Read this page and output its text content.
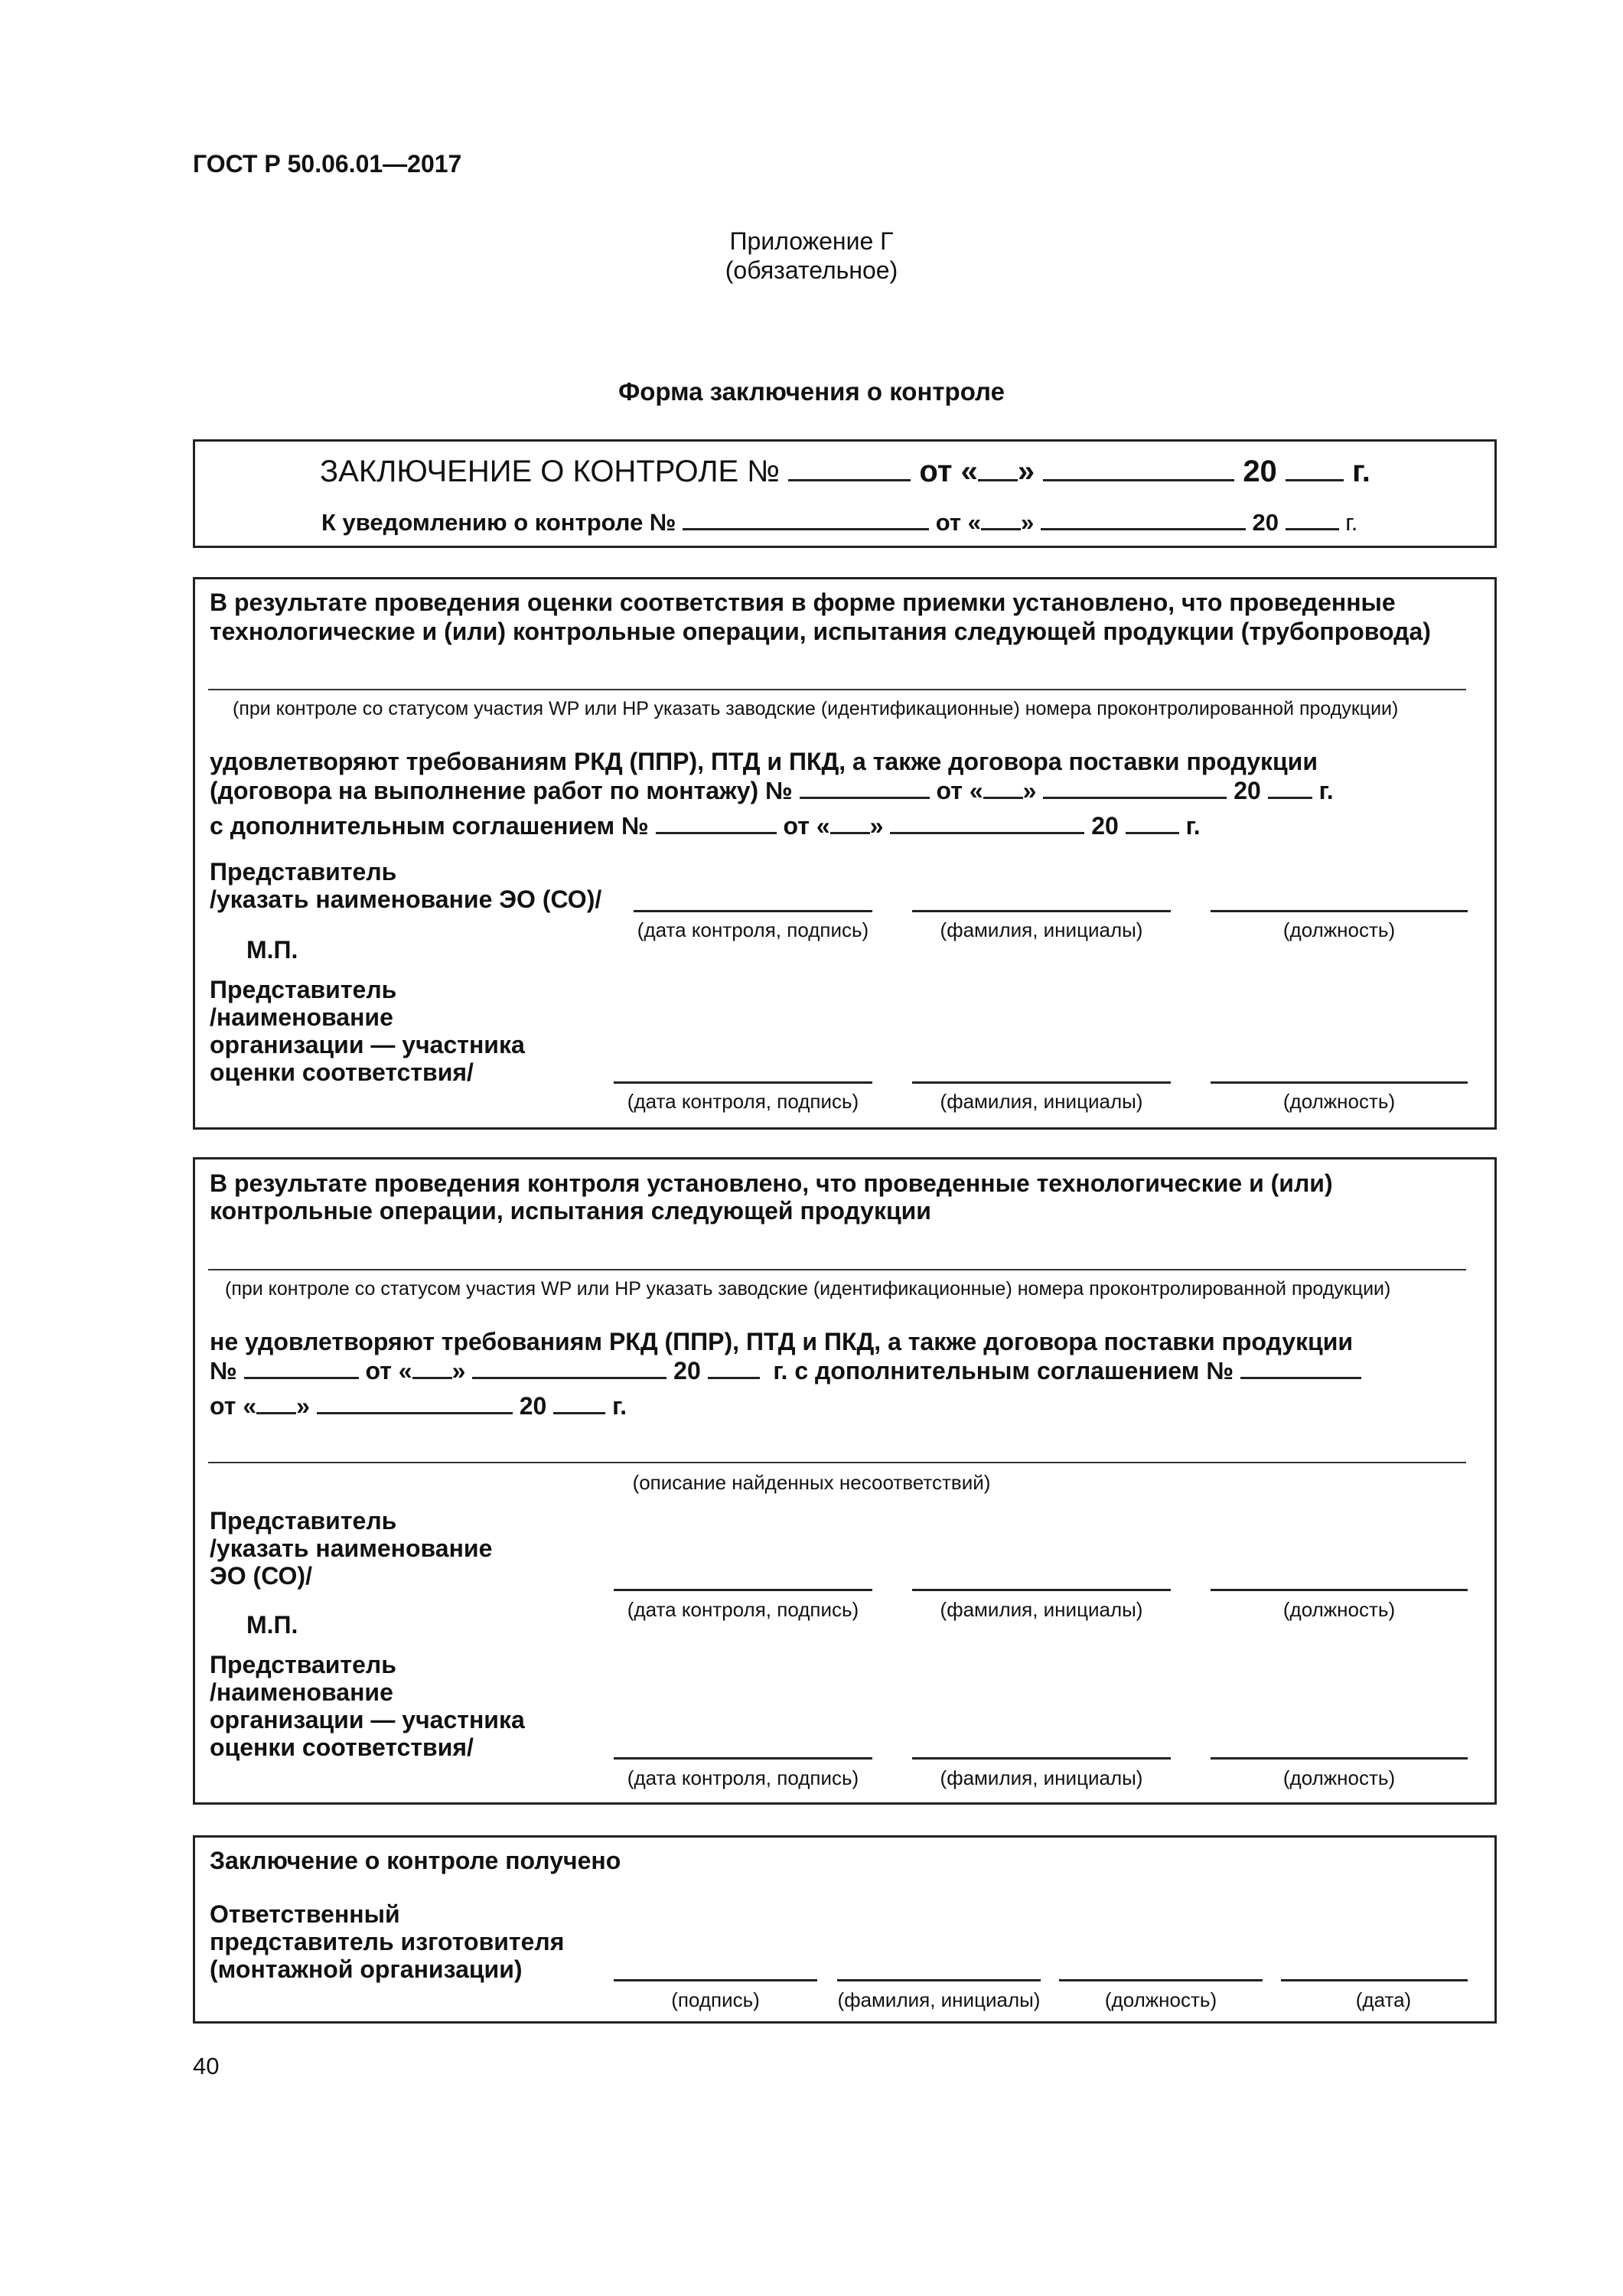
ГОСТ Р 50.06.01—2017
Приложение Г
(обязательное)
Форма заключения о контроле
ЗАКЛЮЧЕНИЕ О КОНТРОЛЕ №	от « »	20 г.
К уведомлению о контроле №	от « »	20	г.
В результате проведения оценки соответствия в форме приемки установлено, что проведенные
технологические и (или) контрольные операции, испытания следующей продукции (трубопровода)
(при контроле со статусом участия WP или HP указать заводские (идентификационные) номера проконтролированной продукции)
удовлетворяют требованиям РКД (ППР), ПТД и ПКД, а также договора поставки продукции
(договора на выполнение работ по монтажу) №	от « »	20 г.
с дополнительным соглашением №	от « »	20	г.
Представитель
/указать наименование ЭО (СО)/
(дата контроля, подпись)	(фамилия, инициалы)	(должность)
М.П.
Представитель
/наименование
организации — участника
оценки соответствия/
(дата контроля, подпись)	(фамилия, инициалы)	(должность)
В результате проведения контроля установлено, что проведенные технологические и (или)
контрольные операции, испытания следующей продукции
(при контроле со статусом участия WP или HP указать заводские (идентификационные) номера проконтролированной продукции)
не удовлетворяют требованиям РКД (ППР), ПТД и ПКД, а также договора поставки продукции
№	от « »	20	г. с дополнительным соглашением №
от « »	20	г.
(описание найденных несоответствий)
Представитель
/указать наименование
ЭО (СО)/
(дата контроля, подпись)	(фамилия, инициалы)	(должность)
М.П.
Предстваитель
/наименование
организации — участника
оценки соответствия/
(дата контроля, подпись)	(фамилия, инициалы)	(должность)
Заключение о контроле получено
Ответственный
представитель изготовителя
(монтажной организации)
(подпись)	(фамилия, инициалы)	(должность)	(дата)
40
